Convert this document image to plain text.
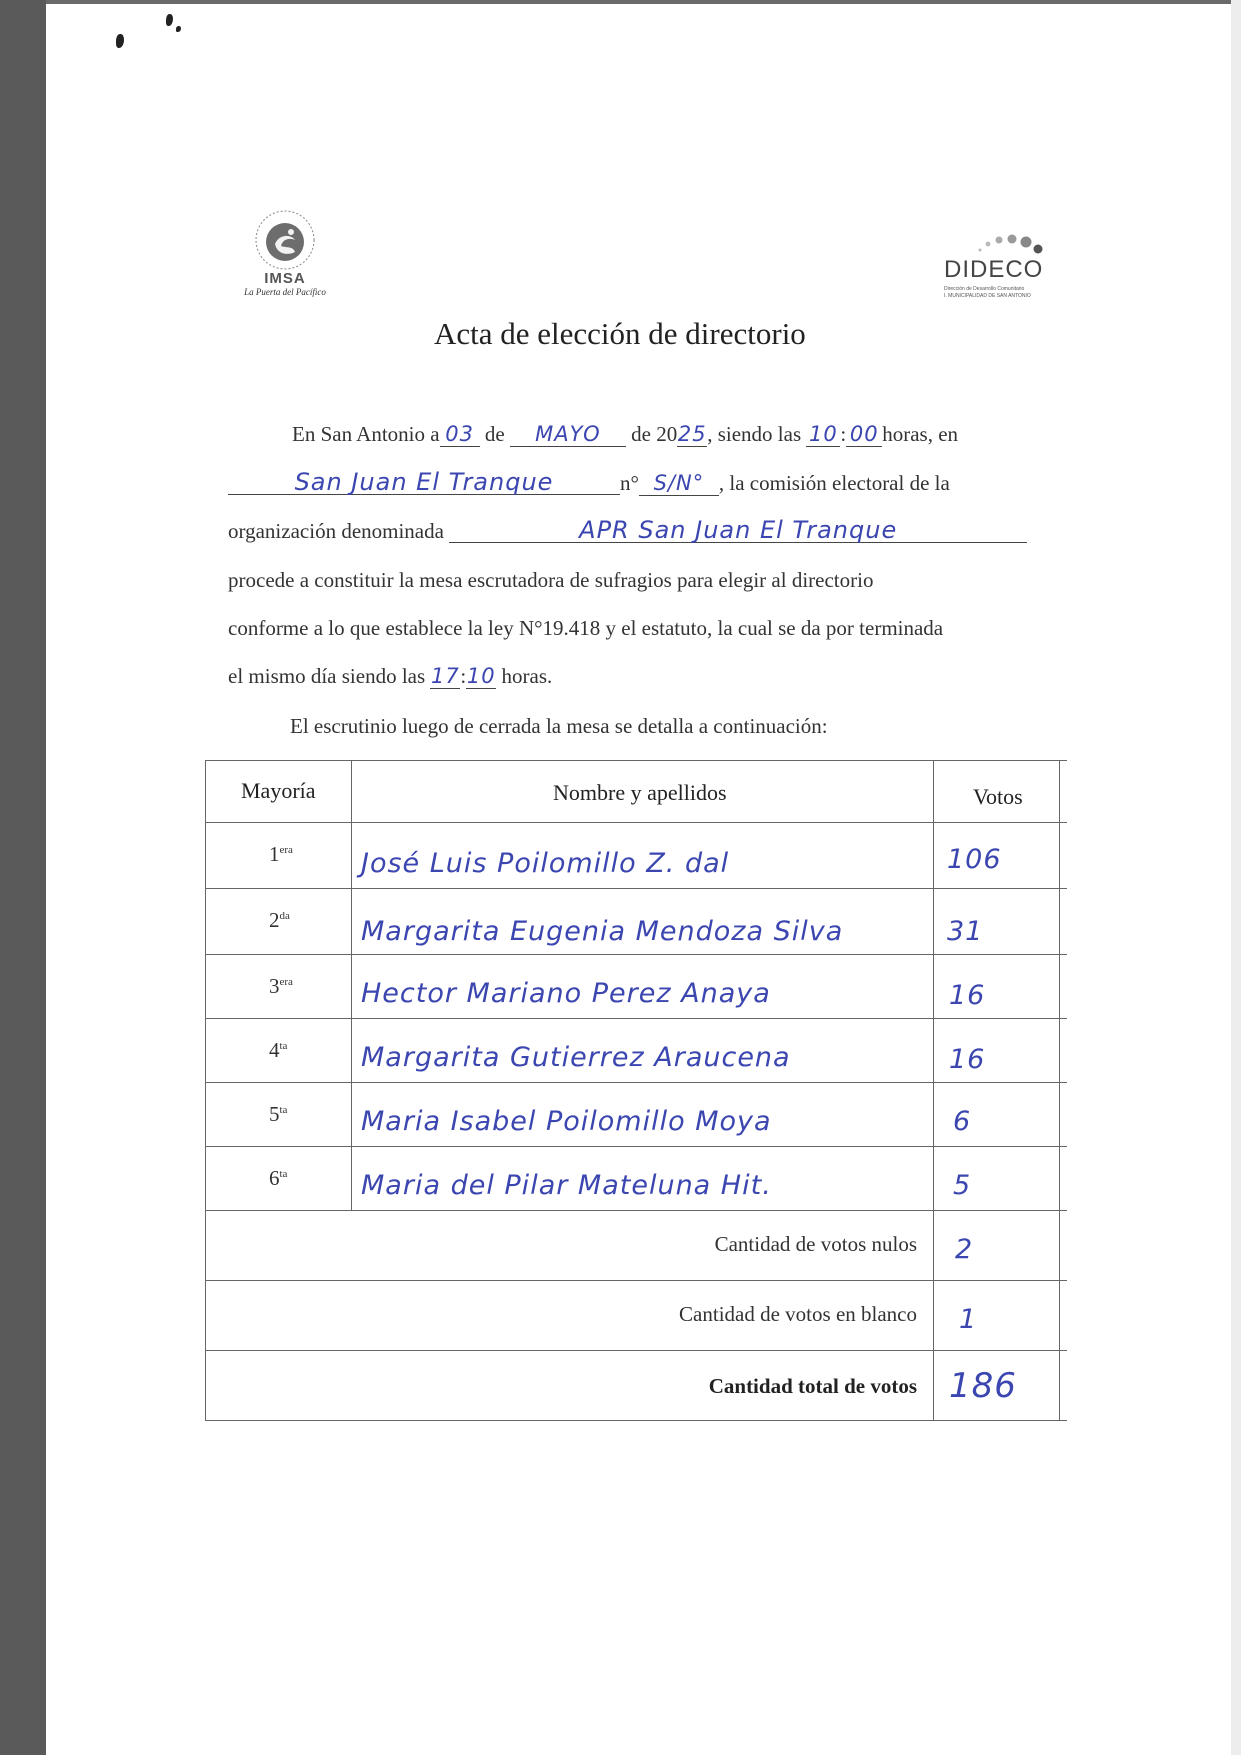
IMSA
La Puerta del Pacífico
DIDECO
Dirección de Desarrollo Comunitario
I. MUNICIPALIDAD DE SAN ANTONIO
Acta de elección de directorio
En San Antonio a 03 de MAYO de 2025, siendo las 10 : 00 horas, en
San Juan El Tranque	n° S/N° , la comisión electoral de la
organización denominada	APR San Juan El Tranque
procede a constituir la mesa escrutadora de sufragios para elegir al directorio
conforme a lo que establece la ley N°19.418 y el estatuto, la cual se da por terminada
el mismo día siendo las 17:10 horas.
El escrutinio luego de cerrada la mesa se detalla a continuación:
Mayoría	Nombre y apellidos	Votos
$1^{era}$	José Luis Poilomillo Z. dal	106
$2^{da}$	Margarita Eugenia Mendoza Silva	31
$3^{era}$	Hector Mariano Perez Anaya	16
$4^{ta}$	Margarita Gutierrez Araucena	16
$5^{ta}$	Maria Isabel Poilomillo Moya	6
$6^{ta}$	Maria del Pilar Mateluna Hit.	5
Cantidad de votos nulos 2
Cantidad de votos en blanco 1
Cantidad total de votos 186
